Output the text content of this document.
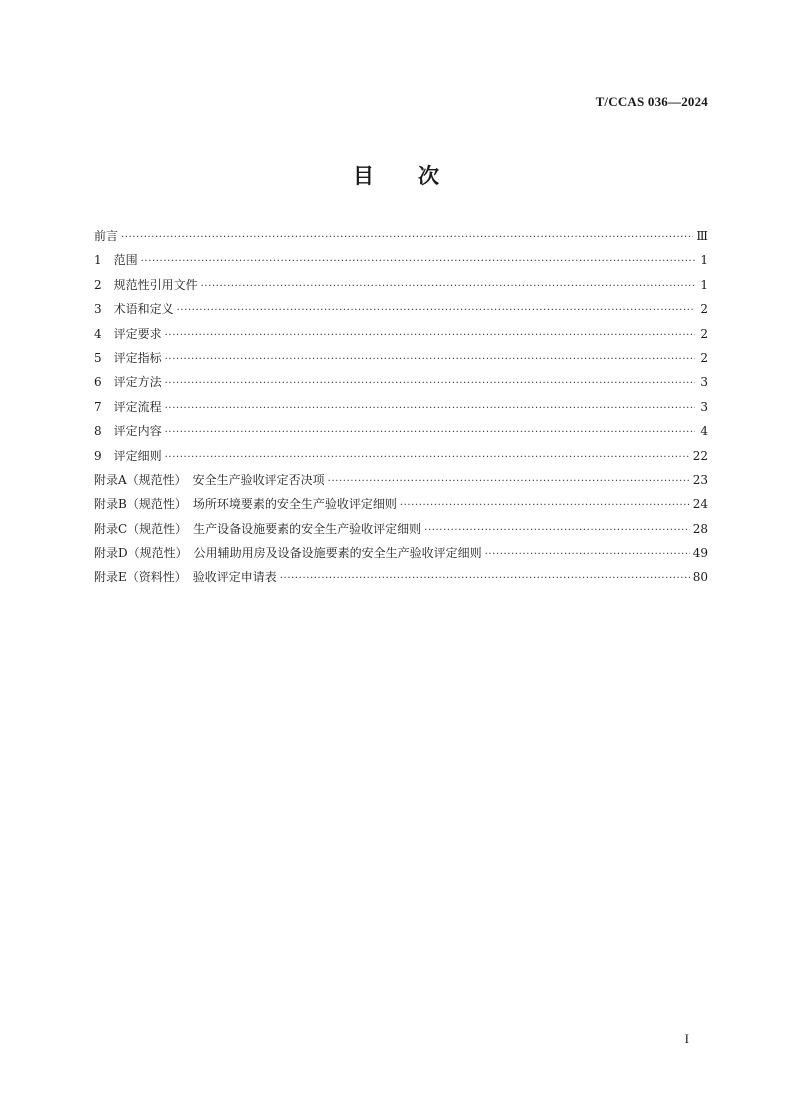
T/CCAS 036—2024
目次
前言 ·····	Ⅲ
1　范围 ·····	1
2　规范性引用文件 ·····	1
3　术语和定义 ·····	2
4　评定要求 ·····	2
5　评定指标 ·····	2
6　评定方法 ·····	3
7　评定流程 ·····	3
8　评定内容 ·····	4
9　评定细则 ·····	22
附录A（规范性）　安全生产验收评定否决项 ·····	23
附录B（规范性）　场所环境要素的安全生产验收评定细则 ·····	24
附录C（规范性）　生产设备设施要素的安全生产验收评定细则 ·····	28
附录D（规范性）　公用辅助用房及设备设施要素的安全生产验收评定细则 ·····	49
附录E（资料性）　验收评定申请表 ·····	80
I
